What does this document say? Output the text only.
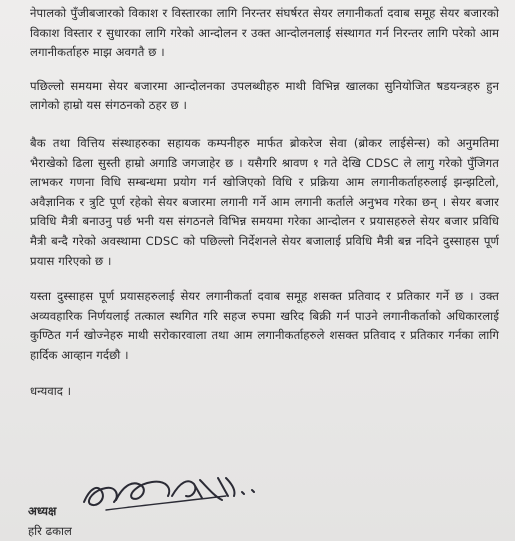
नेपालको पुँजीबजारको विकाश र विस्तारका लागि निरन्तर संघर्षरत सेयर लगानीकर्ता दवाब समूह सेयर बजारको विकाश विस्तार र सुधारका लागि गरेको आन्दोलन र उक्त आन्दोलनलाई संस्थागत गर्न निरन्तर लागि परेको आम लगानीकर्ताहरु माझ अवगतै छ ।

पछिल्लो समयमा सेयर बजारमा आन्दोलनका उपलब्धीहरु माथी विभिन्न खालका सुनियोजित षडयन्त्रहरु हुन लागेको हाम्रो यस संगठनको ठहर छ ।

बैक तथा वित्तिय संस्थाहरुका सहायक कम्पनीहरु मार्फत ब्रोकरेज सेवा (ब्रोकर लाईसेन्स) को अनुमतिमा भैराखेको ढिला सुस्ती हाम्रो अगाडि जगजाहेर छ । यसैगरि श्रावण १ गते देखि CDSC ले लागु गरेको पुँजिगत लाभकर गणना विधि सम्बन्धमा प्रयोग गर्न खोजिएको विधि र प्रक्रिया आम लगानीकर्ताहरुलाई झन्झटिलो, अवैज्ञानिक र त्रुटि पूर्ण रहेको सेयर बजारमा लगानी गर्ने आम लगानी कर्ताले अनुभव गरेका छन् । सेयर बजार प्रविधि मैत्री बनाउनु पर्छ भनी यस संगठनले विभिन्न समयमा गरेका आन्दोलन र प्रयासहरुले सेयर बजार प्रविधि मैत्री बन्दै गरेको अवस्थामा CDSC को पछिल्लो निर्देशनले सेयर बजालाई प्रविधि मैत्री बन्न नदिने दुस्साहस पूर्ण प्रयास गरिएको छ ।

यस्ता दुस्साहस पूर्ण प्रयासहरुलाई सेयर लगानीकर्ता दवाब समूह शसक्त प्रतिवाद र प्रतिकार गर्ने छ । उक्त अव्यवहारिक निर्णयलाई तत्काल स्थगित गरि सहज रुपमा खरिद बिक्री गर्न पाउने लगानीकर्ताको अधिकारलाई कुण्ठित गर्न खोज्नेहरु माथी सरोकारवाला तथा आम लगानीकर्ताहरुले शसक्त प्रतिवाद र प्रतिकार गर्नका लागि हार्दिक आव्हान गर्दछौ ।

धन्यवाद ।

अध्यक्ष
हरि ढकाल
